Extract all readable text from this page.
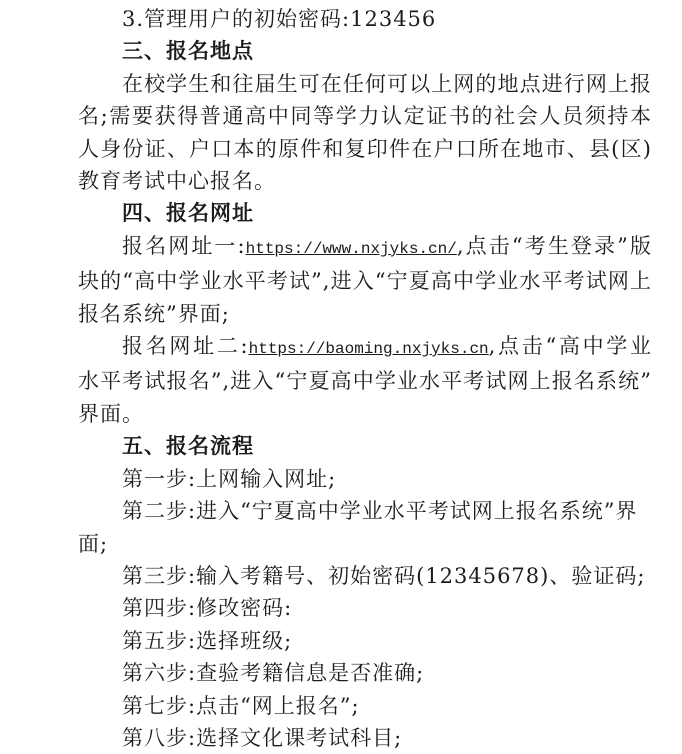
3.管理用户的初始密码:123456

三、报名地点

在校学生和往届生可在任何可以上网的地点进行网上报名;需要获得普通高中同等学力认定证书的社会人员须持本人身份证、户口本的原件和复印件在户口所在地市、县(区)教育考试中心报名。

四、报名网址

报名网址一:https://www.nxjyks.cn/,点击“考生登录”版块的“高中学业水平考试”,进入“宁夏高中学业水平考试网上报名系统”界面;

报名网址二:https://baoming.nxjyks.cn,点击“高中学业水平考试报名”,进入“宁夏高中学业水平考试网上报名系统”界面。

五、报名流程

第一步:上网输入网址;

第二步:进入“宁夏高中学业水平考试网上报名系统”界面;

第三步:输入考籍号、初始密码(12345678)、验证码;

第四步:修改密码:

第五步:选择班级;

第六步:查验考籍信息是否准确;

第七步:点击“网上报名”;

第八步:选择文化课考试科目;
